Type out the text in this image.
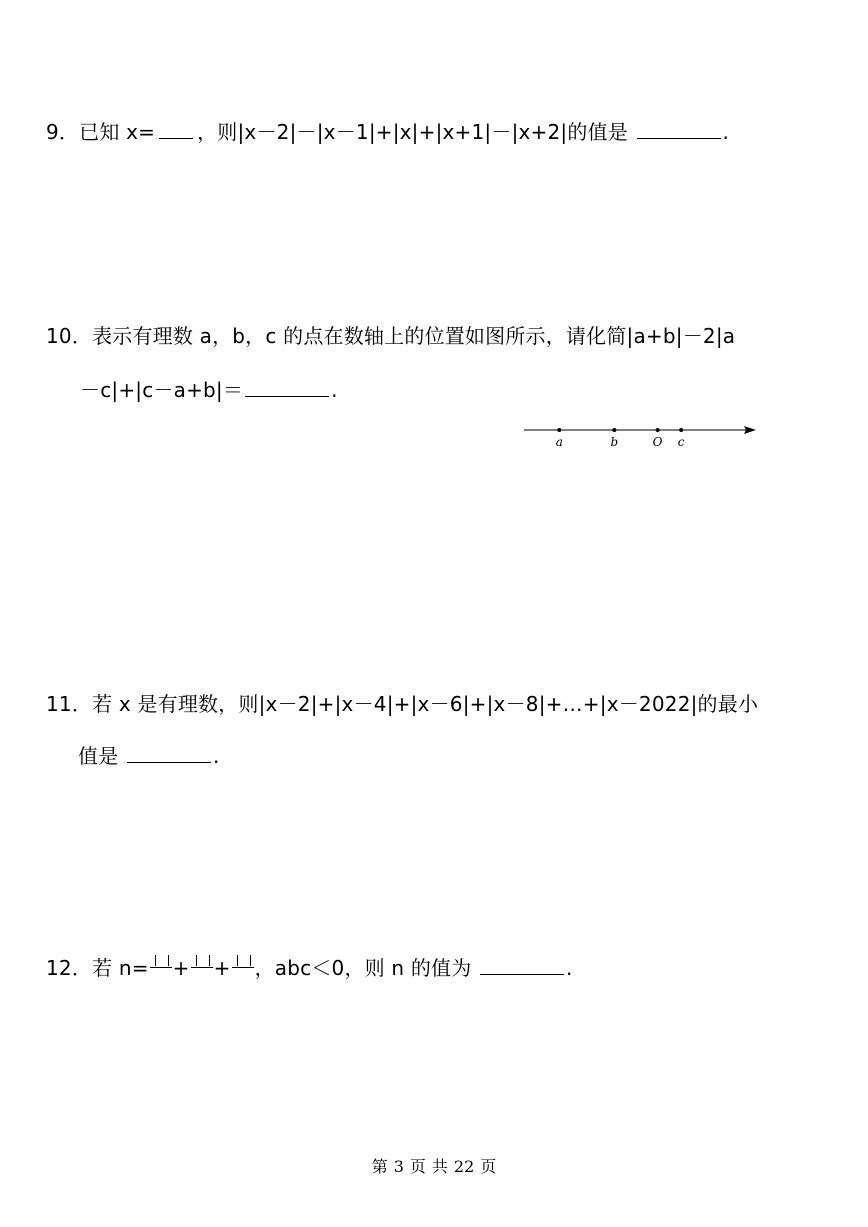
9．已知 x= ，则|x－2|－|x－1|+|x|+|x+1|－|x+2|的值是	.
10．表示有理数 a，b，c 的点在数轴上的位置如图所示，请化简|a+b|－2|a
－c|+|c－a+b|＝	.
a	b	O c
11．若 x 是有理数，则|x－2|+|x－4|+|x－6|+|x－8|+…+|x－2022|的最小
值是	.
12．若 n= + + ，abc＜0，则 n 的值为	.
第 3 页 共 22 页
